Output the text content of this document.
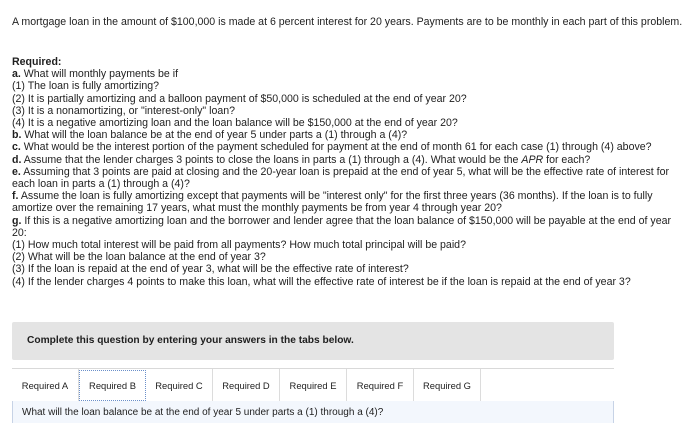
A mortgage loan in the amount of $100,000 is made at 6 percent interest for 20 years. Payments are to be monthly in each part of this problem.
Required:
a. What will monthly payments be if
(1) The loan is fully amortizing?
(2) It is partially amortizing and a balloon payment of $50,000 is scheduled at the end of year 20?
(3) It is a nonamortizing, or "interest-only" loan?
(4) It is a negative amortizing loan and the loan balance will be $150,000 at the end of year 20?
b. What will the loan balance be at the end of year 5 under parts a (1) through a (4)?
c. What would be the interest portion of the payment scheduled for payment at the end of month 61 for each case (1) through (4) above?
d. Assume that the lender charges 3 points to close the loans in parts a (1) through a (4). What would be the APR for each?
e. Assuming that 3 points are paid at closing and the 20-year loan is prepaid at the end of year 5, what will be the effective rate of interest for each loan in parts a (1) through a (4)?
f. Assume the loan is fully amortizing except that payments will be "interest only" for the first three years (36 months). If the loan is to fully amortize over the remaining 17 years, what must the monthly payments be from year 4 through year 20?
g. If this is a negative amortizing loan and the borrower and lender agree that the loan balance of $150,000 will be payable at the end of year 20:
(1) How much total interest will be paid from all payments? How much total principal will be paid?
(2) What will be the loan balance at the end of year 3?
(3) If the loan is repaid at the end of year 3, what will be the effective rate of interest?
(4) If the lender charges 4 points to make this loan, what will the effective rate of interest be if the loan is repaid at the end of year 3?
Complete this question by entering your answers in the tabs below.
Required A	Required B	Required C	Required D	Required E	Required F	Required G
What will the loan balance be at the end of year 5 under parts a (1) through a (4)?
